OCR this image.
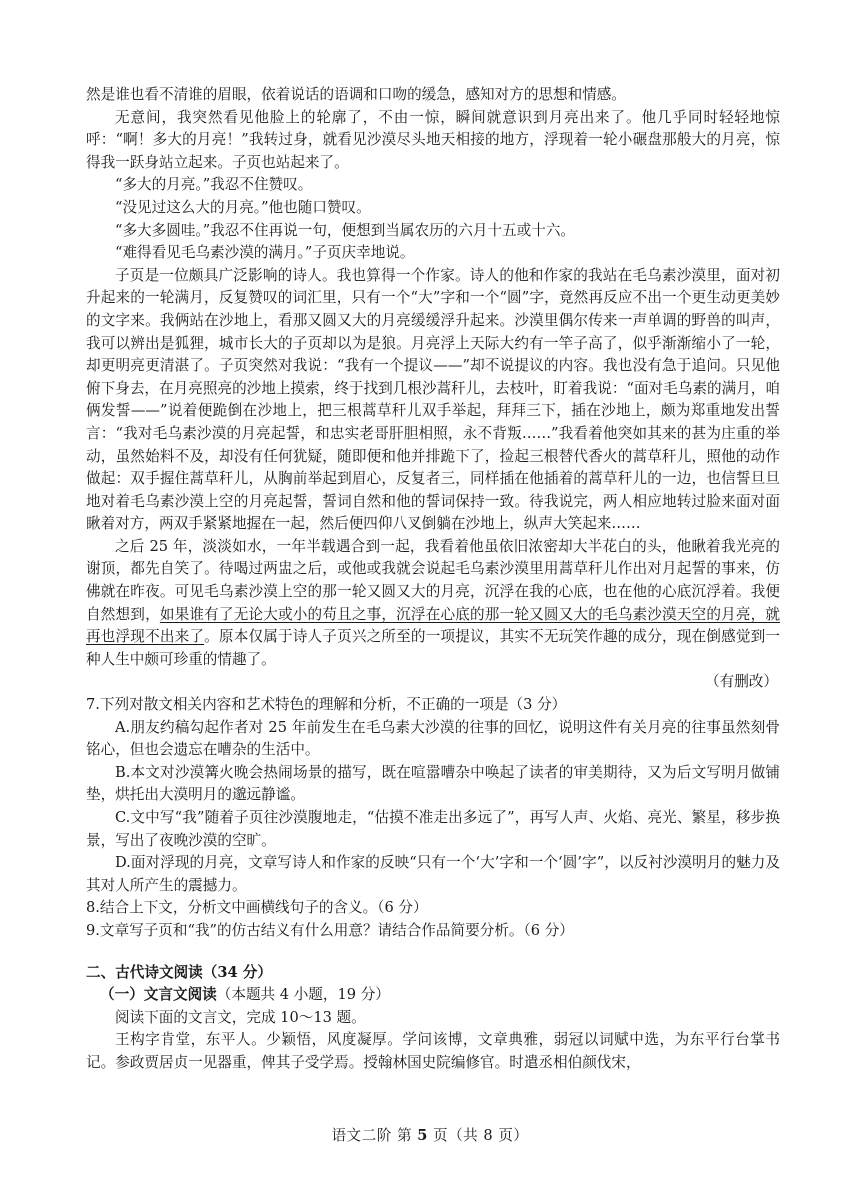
然是谁也看不清谁的眉眼，依着说话的语调和口吻的缓急，感知对方的思想和情感。

无意间，我突然看见他脸上的轮廓了，不由一惊，瞬间就意识到月亮出来了。他几乎同时轻轻地惊呼：“啊！多大的月亮！”我转过身，就看见沙漠尽头地天相接的地方，浮现着一轮小碾盘那般大的月亮，惊得我一跃身站立起来。子页也站起来了。

“多大的月亮。”我忍不住赞叹。

“没见过这么大的月亮。”他也随口赞叹。

“多大多圆哇。”我忍不住再说一句，便想到当属农历的六月十五或十六。

“难得看见毛乌素沙漠的满月。”子页庆幸地说。

子页是一位颇具广泛影响的诗人。我也算得一个作家。诗人的他和作家的我站在毛乌素沙漠里，面对初升起来的一轮满月，反复赞叹的词汇里，只有一个“大”字和一个“圆”字，竟然再反应不出一个更生动更美妙的文字来。我俩站在沙地上，看那又圆又大的月亮缓缓浮升起来。沙漠里偶尔传来一声单调的野兽的叫声，我可以辨出是狐狸，城市长大的子页却以为是狼。月亮浮上天际大约有一竿子高了，似乎渐渐缩小了一轮，却更明亮更清湛了。子页突然对我说：“我有一个提议——”却不说提议的内容。我也没有急于追问。只见他俯下身去，在月亮照亮的沙地上摸索，终于找到几根沙蒿秆儿，去枝叶，盯着我说：“面对毛乌素的满月，咱俩发誓——”说着便跪倒在沙地上，把三根蒿草秆儿双手举起，拜拜三下，插在沙地上，颇为郑重地发出誓言：“我对毛乌素沙漠的月亮起誓，和忠实老哥肝胆相照，永不背叛……”我看着他突如其来的甚为庄重的举动，虽然始料不及，却没有任何犹疑，随即便和他并排跪下了，捡起三根替代香火的蒿草秆儿，照他的动作做起：双手握住蒿草秆儿，从胸前举起到眉心，反复者三，同样插在他插着的蒿草秆儿的一边，也信誓旦旦地对着毛乌素沙漠上空的月亮起誓，誓词自然和他的誓词保持一致。待我说完，两人相应地转过脸来面对面瞅着对方，两双手紧紧地握在一起，然后便四仰八叉倒躺在沙地上，纵声大笑起来……

之后 25 年，淡淡如水，一年半载遇合到一起，我看着他虽依旧浓密却大半花白的头，他瞅着我光亮的谢顶，都先自笑了。待喝过两盅之后，或他或我就会说起毛乌素沙漠里用蒿草秆儿作出对月起誓的事来，仿佛就在昨夜。可见毛乌素沙漠上空的那一轮又圆又大的月亮，沉浮在我的心底，也在他的心底沉浮着。我便自然想到，如果谁有了无论大或小的苟且之事，沉浮在心底的那一轮又圆又大的毛乌素沙漠天空的月亮，就再也浮现不出来了。原本仅属于诗人子页兴之所至的一项提议，其实不无玩笑作趣的成分，现在倒感觉到一种人生中颇可珍重的情趣了。

（有删改）

7.下列对散文相关内容和艺术特色的理解和分析，不正确的一项是（3 分）

A.朋友约稿勾起作者对 25 年前发生在毛乌素大沙漠的往事的回忆，说明这件有关月亮的往事虽然刻骨铭心，但也会遗忘在嘈杂的生活中。

B.本文对沙漠篝火晚会热闹场景的描写，既在喧嚣嘈杂中唤起了读者的审美期待，又为后文写明月做铺垫，烘托出大漠明月的邈远静谧。

C.文中写“我”随着子页往沙漠腹地走，“估摸不准走出多远了”，再写人声、火焰、亮光、繁星，移步换景，写出了夜晚沙漠的空旷。

D.面对浮现的月亮，文章写诗人和作家的反映“只有一个‘大’字和一个‘圆’字”，以反衬沙漠明月的魅力及其对人所产生的震撼力。

8.结合上下文，分析文中画横线句子的含义。（6 分）

9.文章写子页和“我”的仿古结义有什么用意？请结合作品简要分析。（6 分）

二、古代诗文阅读（34 分）

（一）文言文阅读（本题共 4 小题，19 分）

阅读下面的文言文，完成 10～13 题。

王构字肯堂，东平人。少颖悟，风度凝厚。学问该博，文章典雅，弱冠以词赋中选，为东平行台掌书记。参政贾居贞一见器重，俾其子受学焉。授翰林国史院编修官。时遣丞相伯颜伐宋，

语文二阶 第 5 页（共 8 页）
